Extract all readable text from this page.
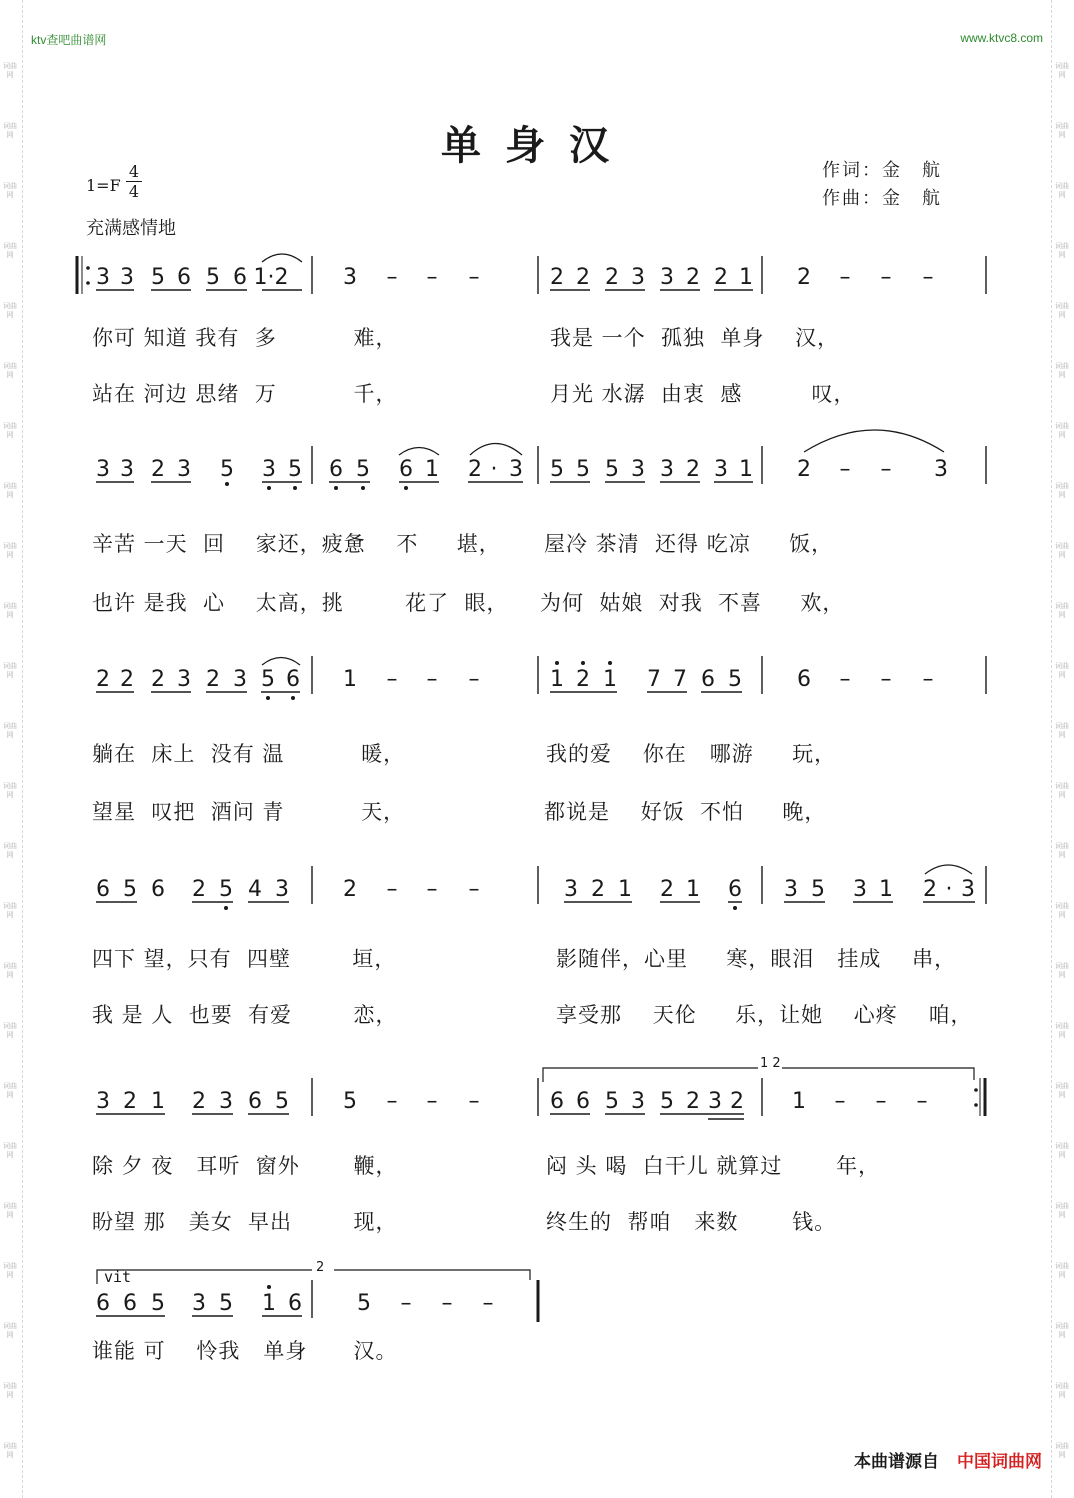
词曲网
词曲网
词曲网
词曲网
词曲网
词曲网
词曲网
词曲网
词曲网
词曲网
词曲网
词曲网
词曲网
词曲网
词曲网
词曲网
词曲网
词曲网
词曲网
词曲网
词曲网
词曲网
词曲网
词曲网
词曲网
词曲网
词曲网
词曲网
词曲网
词曲网
词曲网
词曲网
词曲网
词曲网
词曲网
词曲网
词曲网
词曲网
词曲网
词曲网
词曲网
词曲网
词曲网
词曲网
词曲网
词曲网
词曲网
词曲网
ktv查吧曲谱网	www.ktvc8.com
单身汉
作词：金　航
作曲：金　航
1=F
4
4
充满感情地
3 3 5 6 5 6 1·2 3 – – –	2 2 2 3 3 2 2 1 2 – – –
3 3 2 3 5 3 5 6 5 6 1 2 · 3 5 5 5 3 3 2 3 1 2 – – 3
2 2 2 3 2 3 5 6 1 – – –	1 2 1 7 7 6 5	6 – – –
6 5 6 2 5 4 3 2 – – –	3 2 1 2 1 6 3 5 3 1 2 · 3
3 2 1 2 3 6 5 5 – – –	6 6 5 3 5 2 3 2 1 – – –
6 6 5 3 5 1 6	5 – – –
1 2
2
vit
你可 知道 我有  多          难，	我是 一个  孤独  单身    汉，
站在 河边 思绪  万          千，	月光 水潺  由衷  感         叹，
辛苦 一天  回    家还，疲惫    不     堪， 屋冷 茶清  还得 吃凉     饭，
也许 是我  心    太高，挑        花了  眼， 为何  姑娘  对我  不喜     欢，
躺在  床上  没有 温          暖，	我的爱    你在   哪游     玩，
望星  叹把  酒问 青          天，	都说是    好饭  不怕     晚，
四下 望，只有  四壁        垣，	影随伴，心里     寒，眼泪   挂成    串，
我 是 人  也要  有爱        恋，	享受那    天伦     乐，让她    心疼    咱，
除 夕 夜   耳听  窗外       鞭，	闷 头 喝  白干儿 就算过       年，
盼望 那   美女  早出        现，	终生的  帮咱   来数       钱。
谁能 可    怜我   单身      汉。
本曲谱源自 中国词曲网
